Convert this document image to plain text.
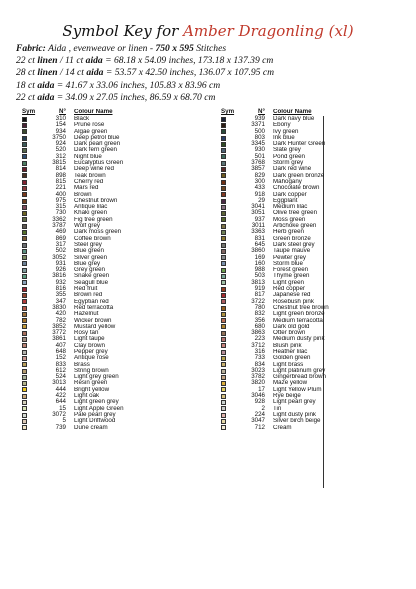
Symbol Key for Amber Dragonling (xl)
Fabric: Aida , evenweave or linen - 750 x 595 Stitches
22 ct linen / 11 ct aida = 68.18 x 54.09 inches, 173.18 x 137.39 cm
28 ct linen / 14 ct aida = 53.57 x 42.50 inches, 136.07 x 107.95 cm
18 ct aida = 41.67 x 33.06 inches, 105.83 x 83.96 cm
22 ct aida = 34.09 x 27.05 inches, 86.59 x 68.70 cm
Sym	N°	Colour Name
310	Black
154	Prune rose
934	Algae green
3750	Deep petrol blue
924	Dark pearl green
520	Dark fern green
312	Night blue
3815	Eucalyptus Green
814	Deep wine red
898	Teak brown
815	Cherry red
221	Mars red
400	Brown
975	Chestnut brown
315	Antique lilac
730	Khaki green
3362	Fig tree green
3787	Wolf grey
469	Dark moss green
869	Coffee brown
317	Steel grey
502	Blue green
3052	Silver green
931	Blue grey
926	Grey green
3816	Snake green
932	Seagull blue
816	Red fruit
355	Brown red
347	Egyptian red
3830	Red terracotta
420	Hazelnut
782	Wicker brown
3852	Mustard yellow
3772	Rosy tan
3861	Light taupe
407	Clay brown
648	Pepper grey
152	Antique rose
833	Brass
612	String brown
524	Light grey green
3013	Resin green
444	Bright yellow
422	Light oak
644	Light green grey
15	Light Apple Green
3072	Pale pearl grey
5	Light Driftwood
739	Dune cream
Sym	N°	Colour Name
939	Dark navy blue
3371	Ebony
500	Ivy green
803	Ink blue
3345	Dark Hunter Green
930	Slate grey
501	Pond green
3768	Storm grey
3857	Dark red wine
829	Dark green bronze
300	Mahogany
433	Chocolate brown
918	Dark copper
29	Eggplant
3041	Medium lilac
3051	Olive tree green
937	Moss green
3011	Artichoke green
3363	Herb green
831	Green bronze
645	Dark steel grey
3860	Taupe mauve
169	Pewter grey
160	Storm blue
988	Forest green
503	Thyme green
3813	Light green
919	Red copper
817	Japanese red
3722	Rosebush pink
780	Chestnut tree brown
832	Light green bronze
356	Medium terracotta
680	Dark old gold
3863	Otter brown
223	Medium dusty pink
3712	Blush pink
316	Heather lilac
733	Golden green
834	Light brass
3023	Light platinum grey
3782	Gingerbread brown
3820	Maze yellow
17	Light Yellow Plum
3046	Rye beige
928	Light pearl grey
2	Tin
224	Light dusty pink
3047	Silver birch beige
712	Cream
